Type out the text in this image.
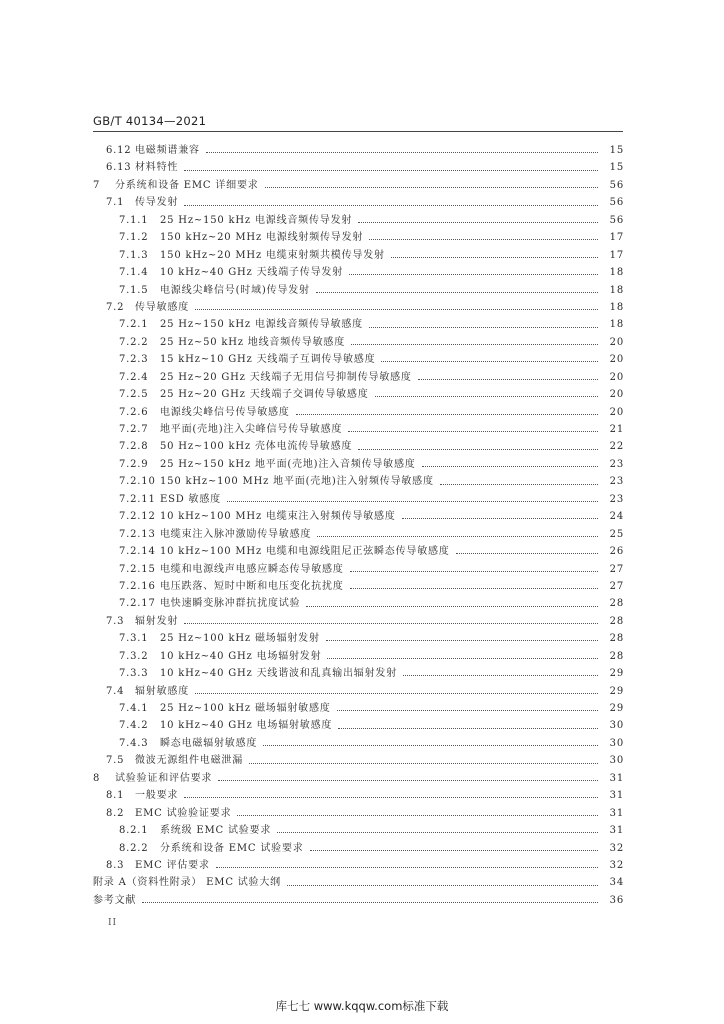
GB/T 40134—2021
6.12 电磁频谱兼容	15
6.13 材料特性	15
7 分系统和设备 EMC 详细要求	56
7.1 传导发射	56
7.1.1 25 Hz~150 kHz 电源线音频传导发射	56
7.1.2 150 kHz~20 MHz 电源线射频传导发射	17
7.1.3 150 kHz~20 MHz 电缆束射频共模传导发射	17
7.1.4 10 kHz~40 GHz 天线端子传导发射	18
7.1.5 电源线尖峰信号(时域)传导发射	18
7.2 传导敏感度	18
7.2.1 25 Hz~150 kHz 电源线音频传导敏感度	18
7.2.2 25 Hz~50 kHz 地线音频传导敏感度	20
7.2.3 15 kHz~10 GHz 天线端子互调传导敏感度	20
7.2.4 25 Hz~20 GHz 天线端子无用信号抑制传导敏感度	20
7.2.5 25 Hz~20 GHz 天线端子交调传导敏感度	20
7.2.6 电源线尖峰信号传导敏感度	20
7.2.7 地平面(壳地)注入尖峰信号传导敏感度	21
7.2.8 50 Hz~100 kHz 壳体电流传导敏感度	22
7.2.9 25 Hz~150 kHz 地平面(壳地)注入音频传导敏感度	23
7.2.10 150 kHz~100 MHz 地平面(壳地)注入射频传导敏感度	23
7.2.11 ESD 敏感度	23
7.2.12 10 kHz~100 MHz 电缆束注入射频传导敏感度	24
7.2.13 电缆束注入脉冲激励传导敏感度	25
7.2.14 10 kHz~100 MHz 电缆和电源线阻尼正弦瞬态传导敏感度	26
7.2.15 电缆和电源线声电感应瞬态传导敏感度	27
7.2.16 电压跌落、短时中断和电压变化抗扰度	27
7.2.17 电快速瞬变脉冲群抗扰度试验	28
7.3 辐射发射	28
7.3.1 25 Hz~100 kHz 磁场辐射发射	28
7.3.2 10 kHz~40 GHz 电场辐射发射	28
7.3.3 10 kHz~40 GHz 天线谐波和乱真输出辐射发射	29
7.4 辐射敏感度	29
7.4.1 25 Hz~100 kHz 磁场辐射敏感度	29
7.4.2 10 kHz~40 GHz 电场辐射敏感度	30
7.4.3 瞬态电磁辐射敏感度	30
7.5 微波无源组件电磁泄漏	30
8 试验验证和评估要求	31
8.1 一般要求	31
8.2 EMC 试验验证要求	31
8.2.1 系统级 EMC 试验要求	31
8.2.2 分系统和设备 EMC 试验要求	32
8.3 EMC 评估要求	32
附录 A（资料性附录） EMC 试验大纲	34
参考文献	36
II
库七七 www.kqqw.com标准下载
